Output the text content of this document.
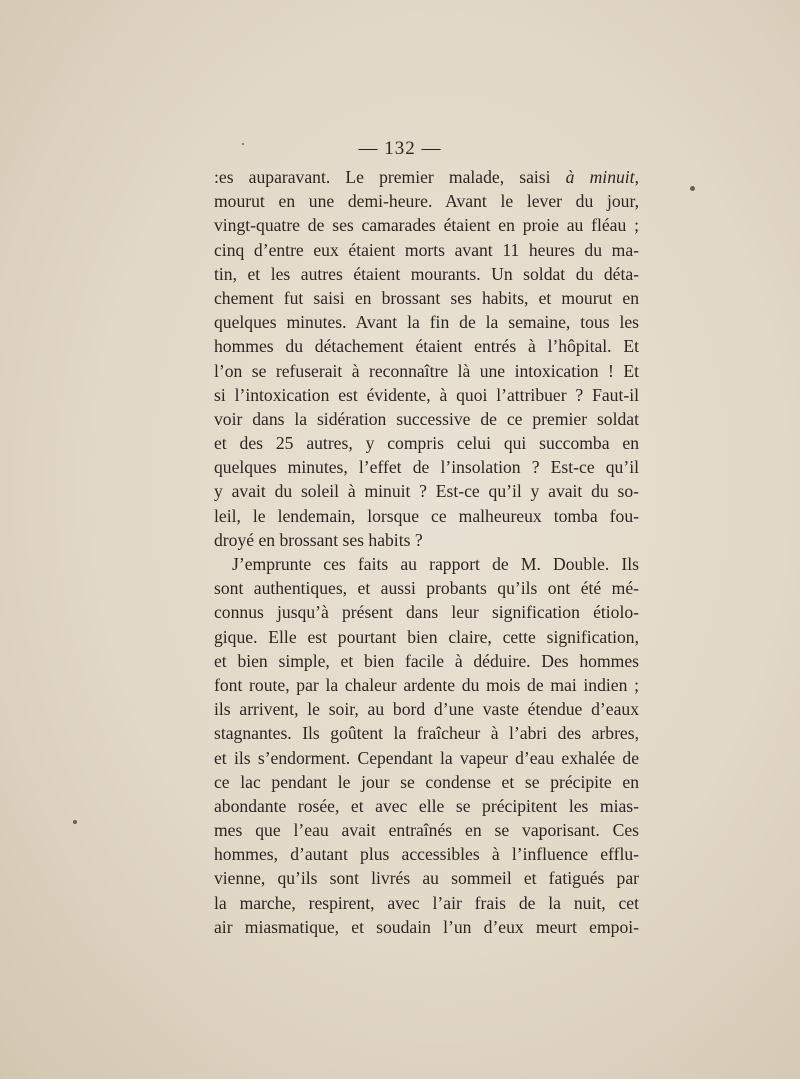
— 132 —
:es auparavant. Le premier malade, saisi à minuit,
mourut en une demi-heure. Avant le lever du jour,
vingt-quatre de ses camarades étaient en proie au fléau ;
cinq d’entre eux étaient morts avant 11 heures du ma-
tin, et les autres étaient mourants. Un soldat du déta-
chement fut saisi en brossant ses habits, et mourut en
quelques minutes. Avant la fin de la semaine, tous les
hommes du détachement étaient entrés à l’hôpital. Et
l’on se refuserait à reconnaître là une intoxication ! Et
si l’intoxication est évidente, à quoi l’attribuer ? Faut-il
voir dans la sidération successive de ce premier soldat
et des 25 autres, y compris celui qui succomba en
quelques minutes, l’effet de l’insolation ? Est-ce qu’il
y avait du soleil à minuit ? Est-ce qu’il y avait du so-
leil, le lendemain, lorsque ce malheureux tomba fou-
droyé en brossant ses habits ?
J’emprunte ces faits au rapport de M. Double. Ils
sont authentiques, et aussi probants qu’ils ont été mé-
connus jusqu’à présent dans leur signification étiolo-
gique. Elle est pourtant bien claire, cette signification,
et bien simple, et bien facile à déduire. Des hommes
font route, par la chaleur ardente du mois de mai indien ;
ils arrivent, le soir, au bord d’une vaste étendue d’eaux
stagnantes. Ils goûtent la fraîcheur à l’abri des arbres,
et ils s’endorment. Cependant la vapeur d’eau exhalée de
ce lac pendant le jour se condense et se précipite en
abondante rosée, et avec elle se précipitent les mias-
mes que l’eau avait entraînés en se vaporisant. Ces
hommes, d’autant plus accessibles à l’influence efflu-
vienne, qu’ils sont livrés au sommeil et fatigués par
la marche, respirent, avec l’air frais de la nuit, cet
air miasmatique, et soudain l’un d’eux meurt empoi-
